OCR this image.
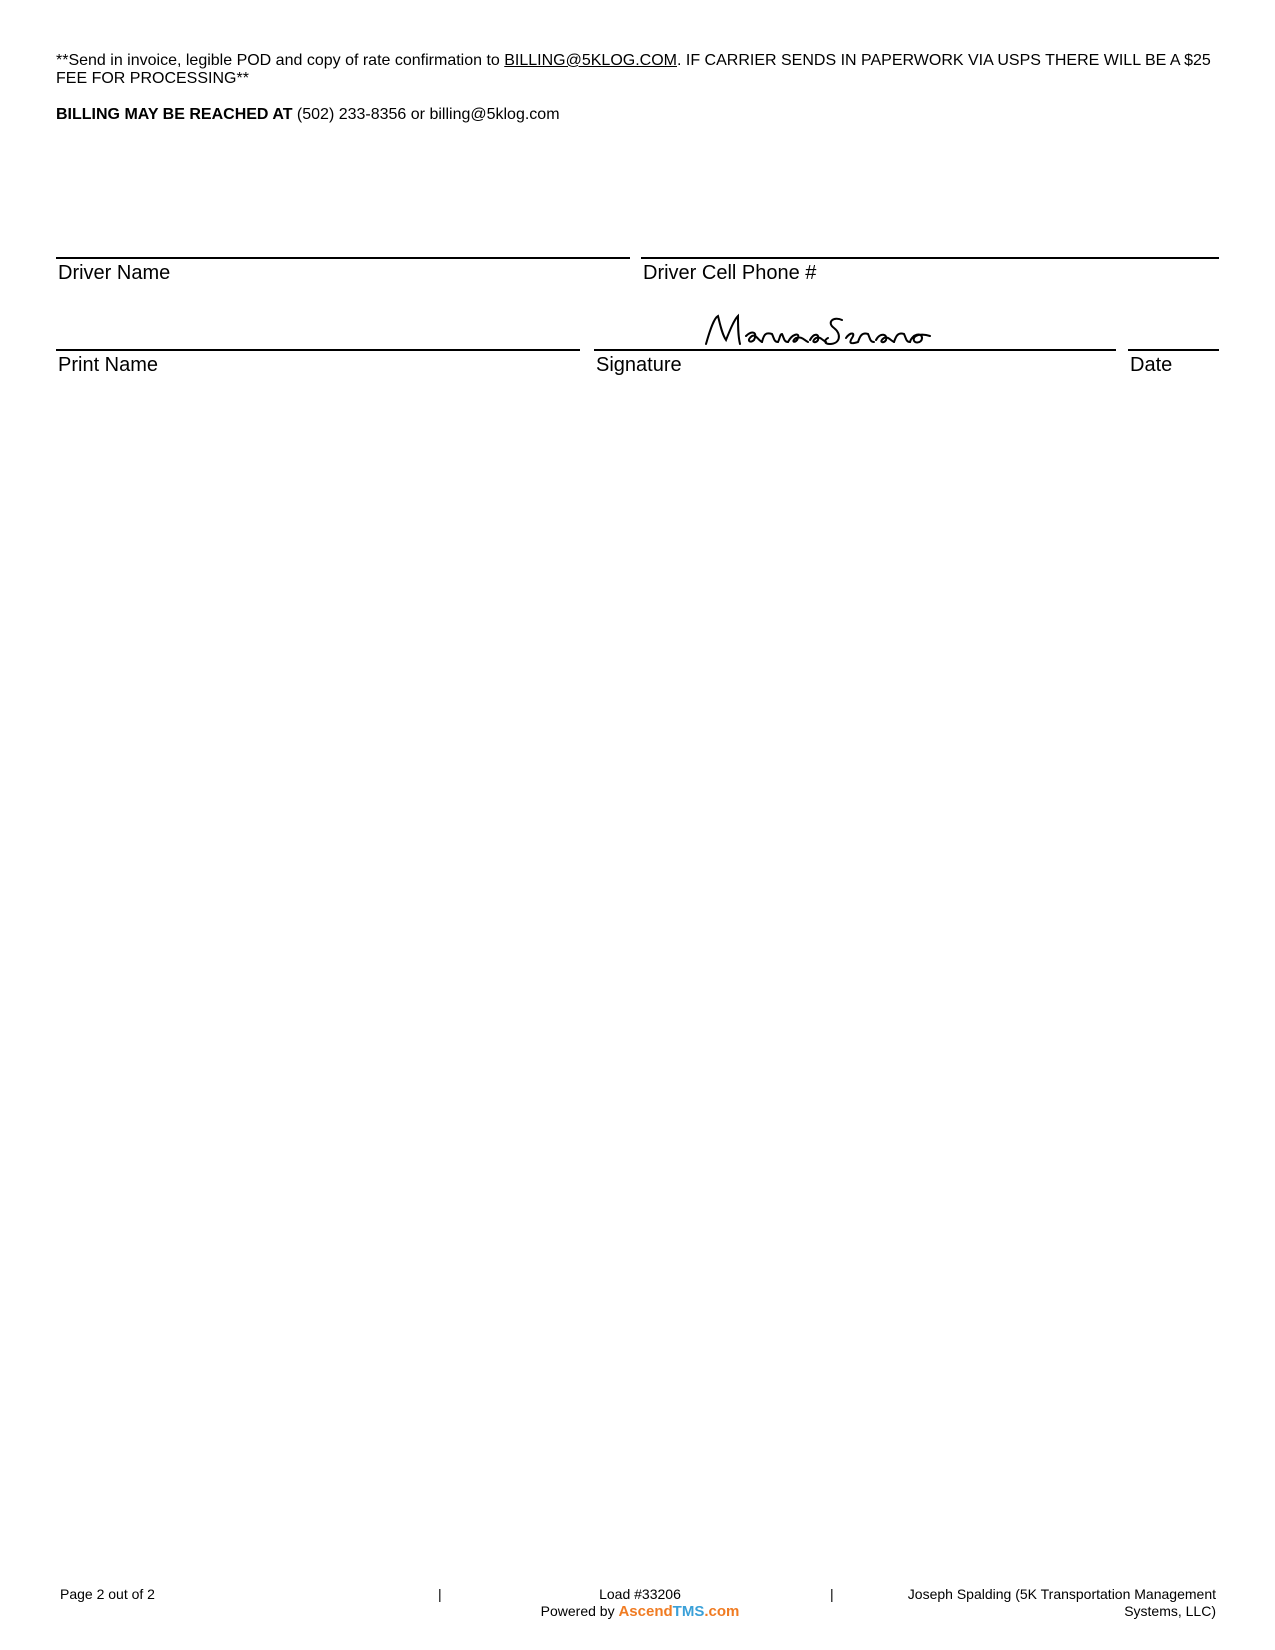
**Send in invoice, legible POD and copy of rate confirmation to BILLING@5KLOG.COM. IF CARRIER SENDS IN PAPERWORK VIA USPS THERE WILL BE A $25 FEE FOR PROCESSING**
BILLING MAY BE REACHED AT (502) 233-8356 or billing@5klog.com
Driver Name	Driver Cell Phone #
Print Name	Signature	Date
Page 2 out of 2	|	Load #33206
Powered by AscendTMS.com
|	Joseph Spalding (5K Transportation Management
Systems, LLC)
